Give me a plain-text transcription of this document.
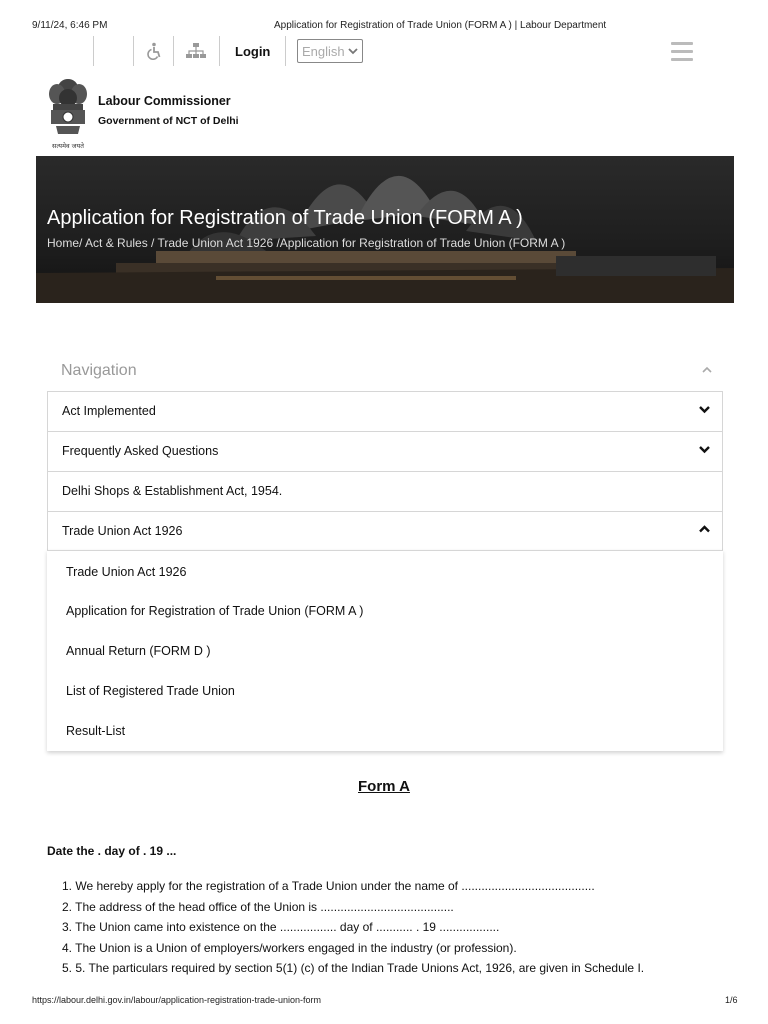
9/11/24, 6:46 PM	Application for Registration of Trade Union (FORM A ) | Labour Department
Login English
सत्यमेव जयते
Labour Commissioner
Government of NCT of Delhi
Application for Registration of Trade Union (FORM A )
Home/ Act & Rules / Trade Union Act 1926 /Application for Registration of Trade Union (FORM A )
Navigation
Act Implemented
Frequently Asked Questions
Delhi Shops & Establishment Act, 1954.
Trade Union Act 1926
Trade Union Act 1926
Application for Registration of Trade Union (FORM A )
Annual Return (FORM D )
List of Registered Trade Union
Result-List
Form A
Date the . day of . 19 ...
1. We hereby apply for the registration of a Trade Union under the name of ........................................
2. The address of the head office of the Union is ........................................
3. The Union came into existence on the ................. day of ........... . 19 ..................
4. The Union is a Union of employers/workers engaged in the industry (or profession).
5. 5. The particulars required by section 5(1) (c) of the Indian Trade Unions Act, 1926, are given in Schedule I.
https://labour.delhi.gov.in/labour/application-registration-trade-union-form	1/6
